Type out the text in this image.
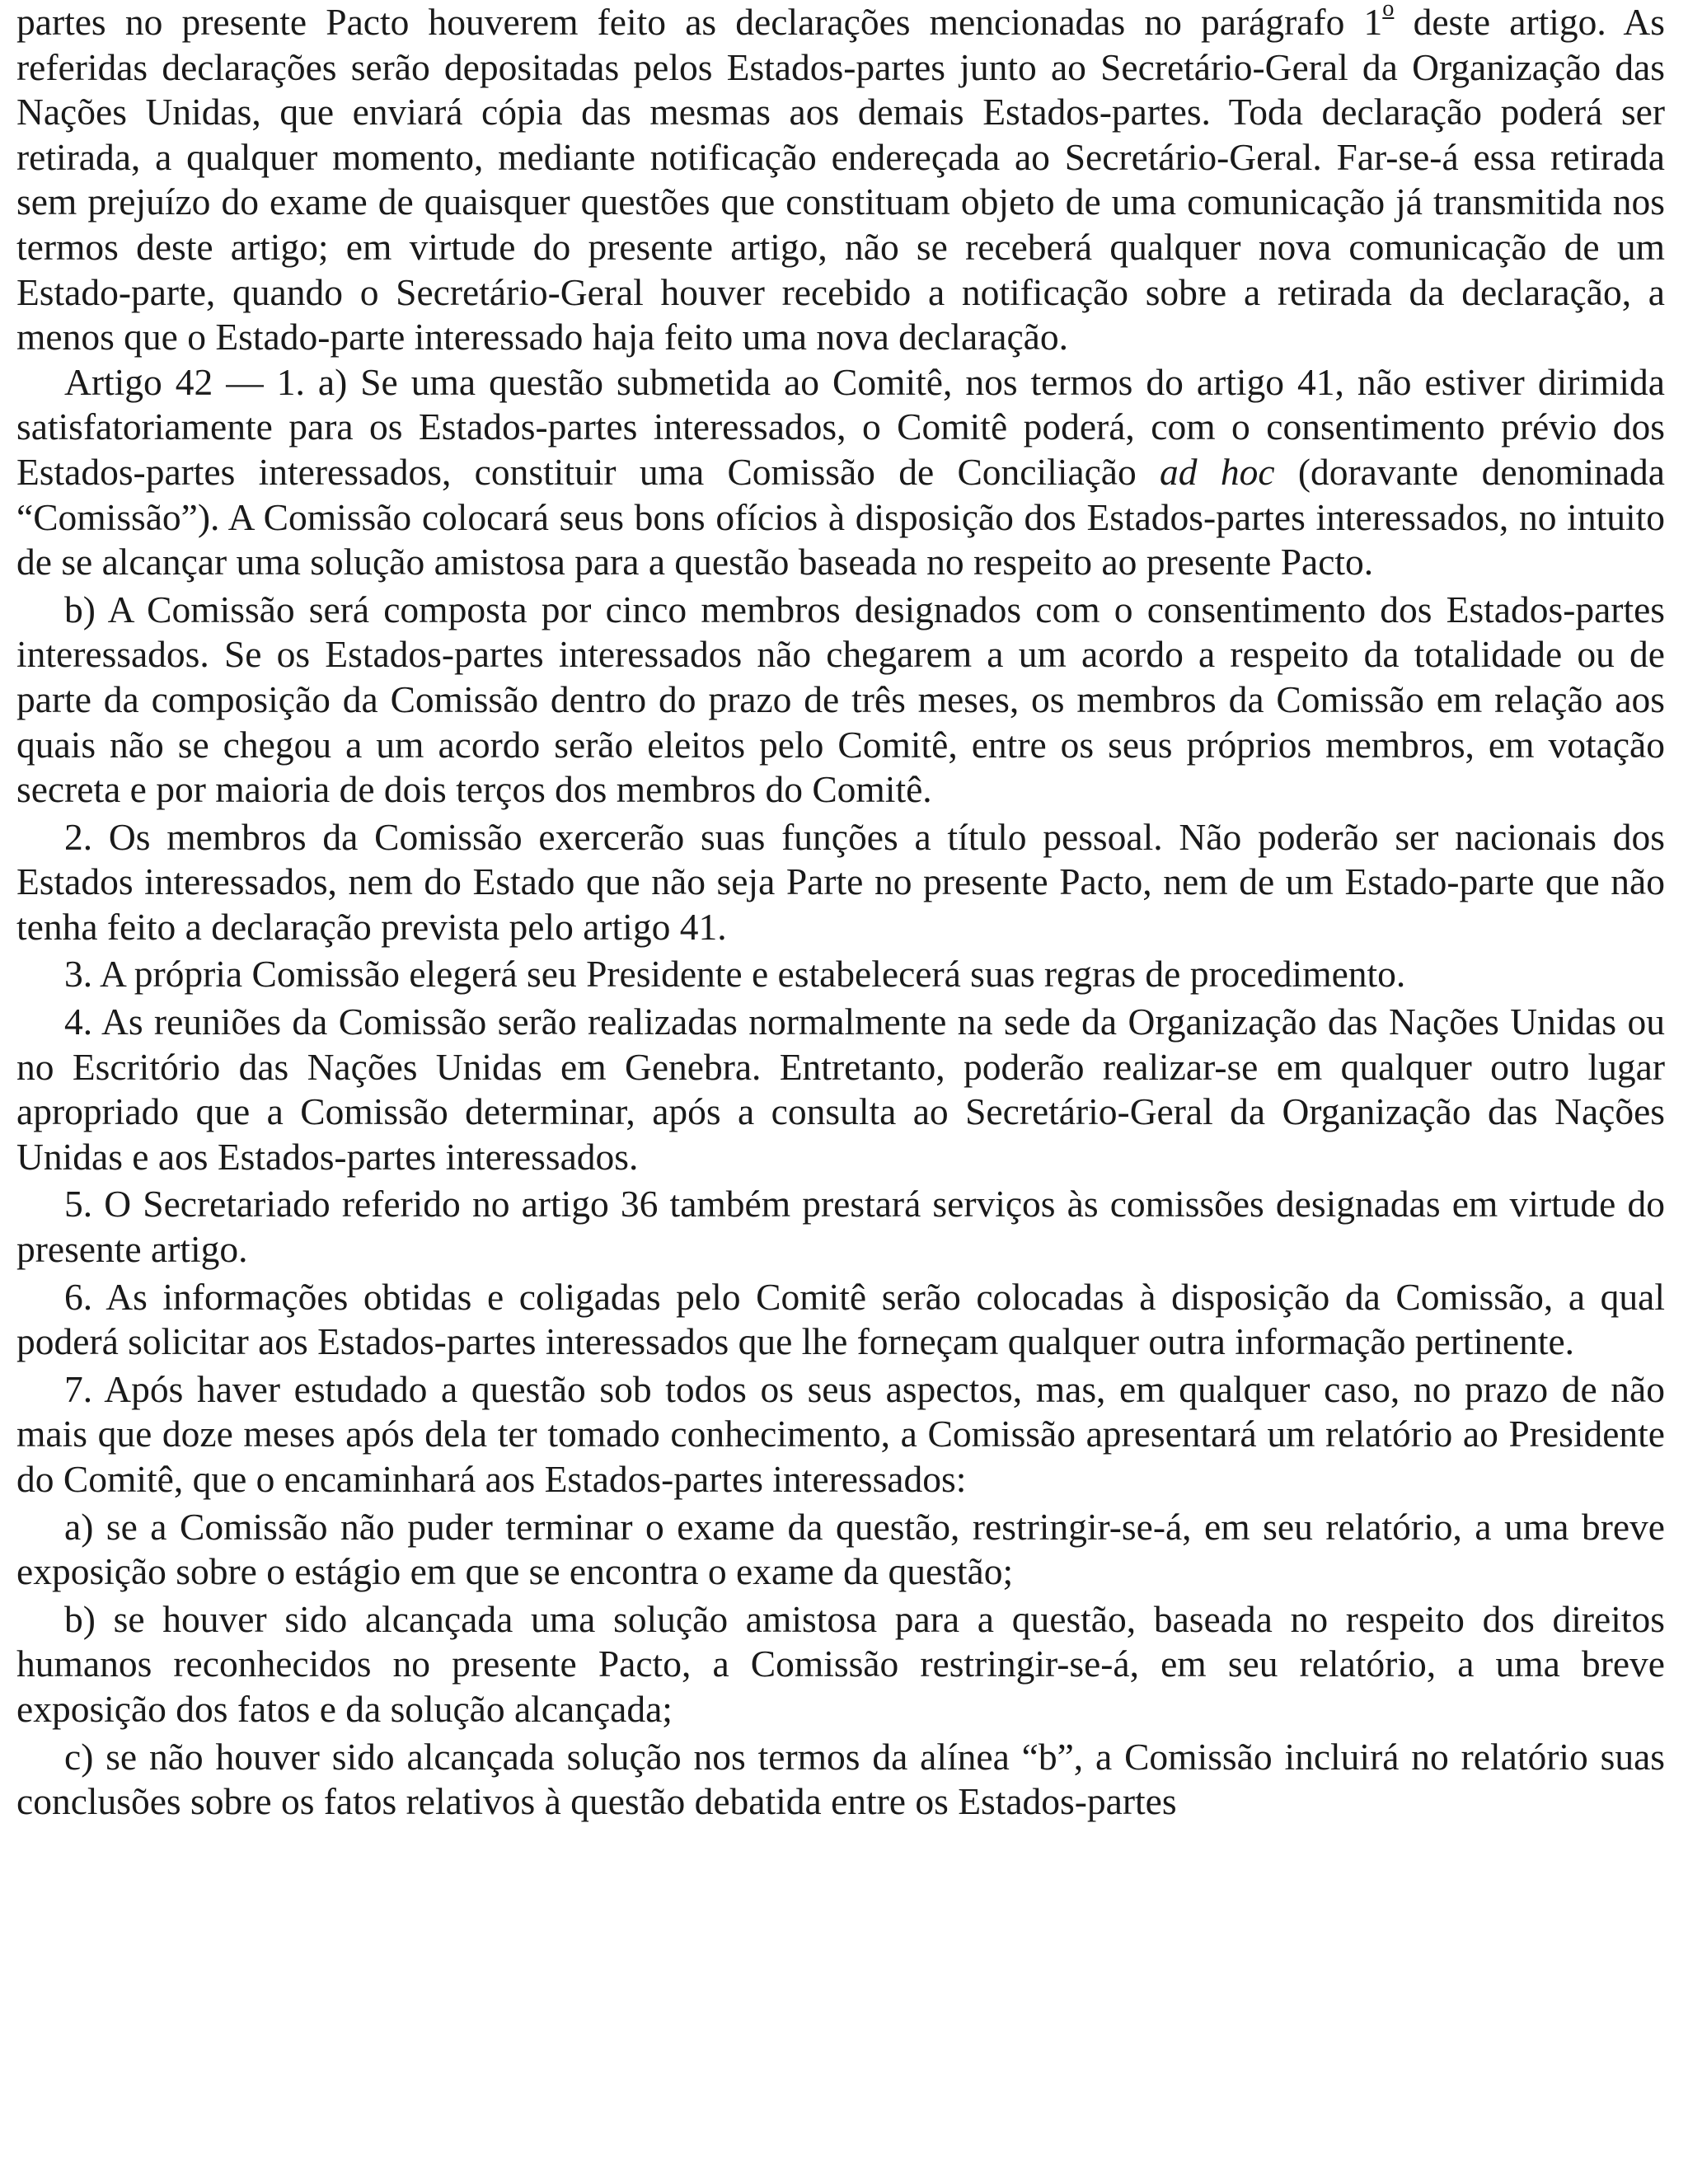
partes no presente Pacto houverem feito as declarações mencionadas no parágrafo 1$^o$ deste artigo. As referidas declarações serão depositadas pelos Estados-partes junto ao Secretário-Geral da Organização das Nações Unidas, que enviará cópia das mesmas aos demais Estados-partes. Toda declaração poderá ser retirada, a qualquer momento, mediante notificação endereçada ao Secretário-Geral. Far-se-á essa retirada sem prejuízo do exame de quaisquer questões que constituam objeto de uma comunicação já transmitida nos termos deste artigo; em virtude do presente artigo, não se receberá qualquer nova comunicação de um Estado-parte, quando o Secretário-Geral houver recebido a notificação sobre a retirada da declaração, a menos que o Estado-parte interessado haja feito uma nova declaração.

Artigo 42 — 1. a) Se uma questão submetida ao Comitê, nos termos do artigo 41, não estiver dirimida satisfatoriamente para os Estados-partes interessados, o Comitê poderá, com o consentimento prévio dos Estados-partes interessados, constituir uma Comissão de Conciliação ad hoc (doravante denominada “Comissão”). A Comissão colocará seus bons ofícios à disposição dos Estados-partes interessados, no intuito de se alcançar uma solução amistosa para a questão baseada no respeito ao presente Pacto.

b) A Comissão será composta por cinco membros designados com o consentimento dos Estados-partes interessados. Se os Estados-partes interessados não chegarem a um acordo a respeito da totalidade ou de parte da composição da Comissão dentro do prazo de três meses, os membros da Comissão em relação aos quais não se chegou a um acordo serão eleitos pelo Comitê, entre os seus próprios membros, em votação secreta e por maioria de dois terços dos membros do Comitê.

2. Os membros da Comissão exercerão suas funções a título pessoal. Não poderão ser nacionais dos Estados interessados, nem do Estado que não seja Parte no presente Pacto, nem de um Estado-parte que não tenha feito a declaração prevista pelo artigo 41.

3. A própria Comissão elegerá seu Presidente e estabelecerá suas regras de procedimento.

4. As reuniões da Comissão serão realizadas normalmente na sede da Organização das Nações Unidas ou no Escritório das Nações Unidas em Genebra. Entretanto, poderão realizar-se em qualquer outro lugar apropriado que a Comissão determinar, após a consulta ao Secretário-Geral da Organização das Nações Unidas e aos Estados-partes interessados.

5. O Secretariado referido no artigo 36 também prestará serviços às comissões designadas em virtude do presente artigo.

6. As informações obtidas e coligadas pelo Comitê serão colocadas à disposição da Comissão, a qual poderá solicitar aos Estados-partes interessados que lhe forneçam qualquer outra informação pertinente.

7. Após haver estudado a questão sob todos os seus aspectos, mas, em qualquer caso, no prazo de não mais que doze meses após dela ter tomado conhecimento, a Comissão apresentará um relatório ao Presidente do Comitê, que o encaminhará aos Estados-partes interessados:

a) se a Comissão não puder terminar o exame da questão, restringir-se-á, em seu relatório, a uma breve exposição sobre o estágio em que se encontra o exame da questão;

b) se houver sido alcançada uma solução amistosa para a questão, baseada no respeito dos direitos humanos reconhecidos no presente Pacto, a Comissão restringir-se-á, em seu relatório, a uma breve exposição dos fatos e da solução alcançada;

c) se não houver sido alcançada solução nos termos da alínea “b”, a Comissão incluirá no relatório suas conclusões sobre os fatos relativos à questão debatida entre os Estados-partes
